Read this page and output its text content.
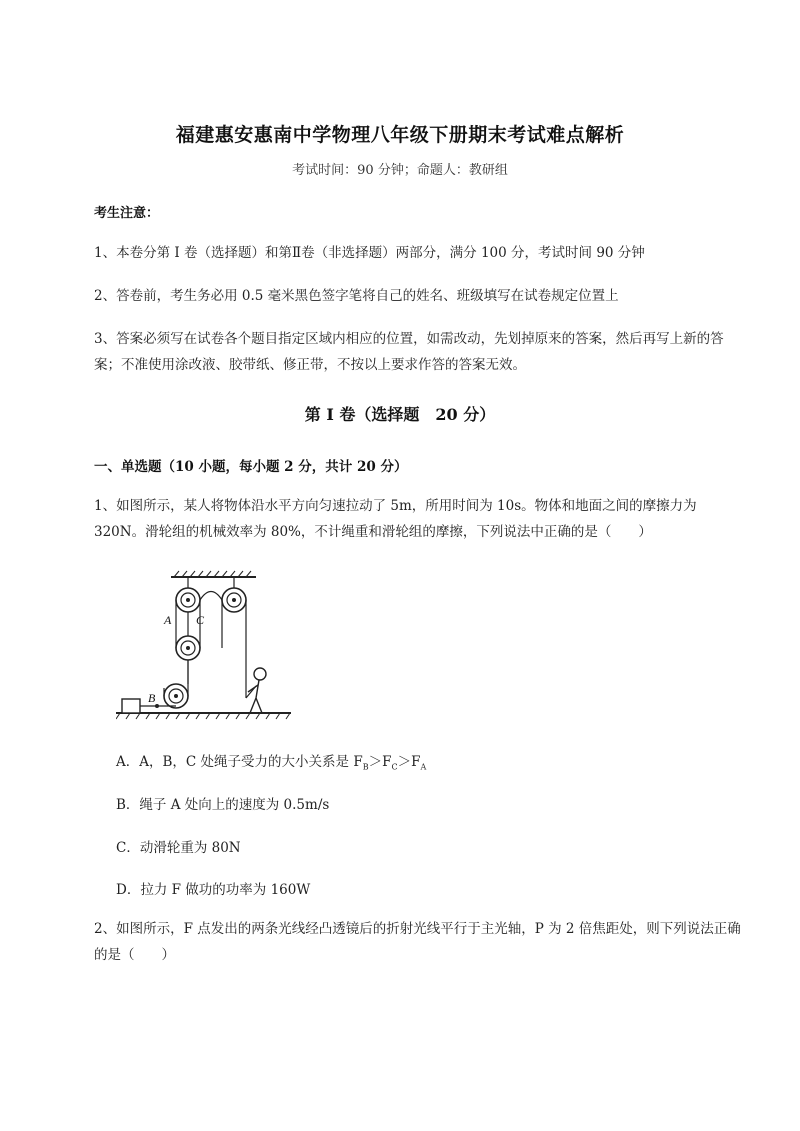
福建惠安惠南中学物理八年级下册期末考试难点解析
考试时间：90 分钟；命题人：教研组
考生注意：
1、本卷分第 I 卷（选择题）和第Ⅱ卷（非选择题）两部分，满分 100 分，考试时间 90 分钟
2、答卷前，考生务必用 0.5 毫米黑色签字笔将自己的姓名、班级填写在试卷规定位置上
3、答案必须写在试卷各个题目指定区域内相应的位置，如需改动，先划掉原来的答案，然后再写上新的答案；不准使用涂改液、胶带纸、修正带，不按以上要求作答的答案无效。
第 I 卷（选择题　20 分）
一、单选题（10 小题，每小题 2 分，共计 20 分）
1、如图所示，某人将物体沿水平方向匀速拉动了 5m，所用时间为 10s。物体和地面之间的摩擦力为 320N。滑轮组的机械效率为 80%，不计绳重和滑轮组的摩擦，下列说法中正确的是（　　）
A C
B
A．A，B，C 处绳子受力的大小关系是 $F_B>F_C>F_A$
B．绳子 A 处向上的速度为 0.5m/s
C．动滑轮重为 80N
D．拉力 F 做功的功率为 160W
2、如图所示，F 点发出的两条光线经凸透镜后的折射光线平行于主光轴，P 为 2 倍焦距处，则下列说法正确的是（　　）
